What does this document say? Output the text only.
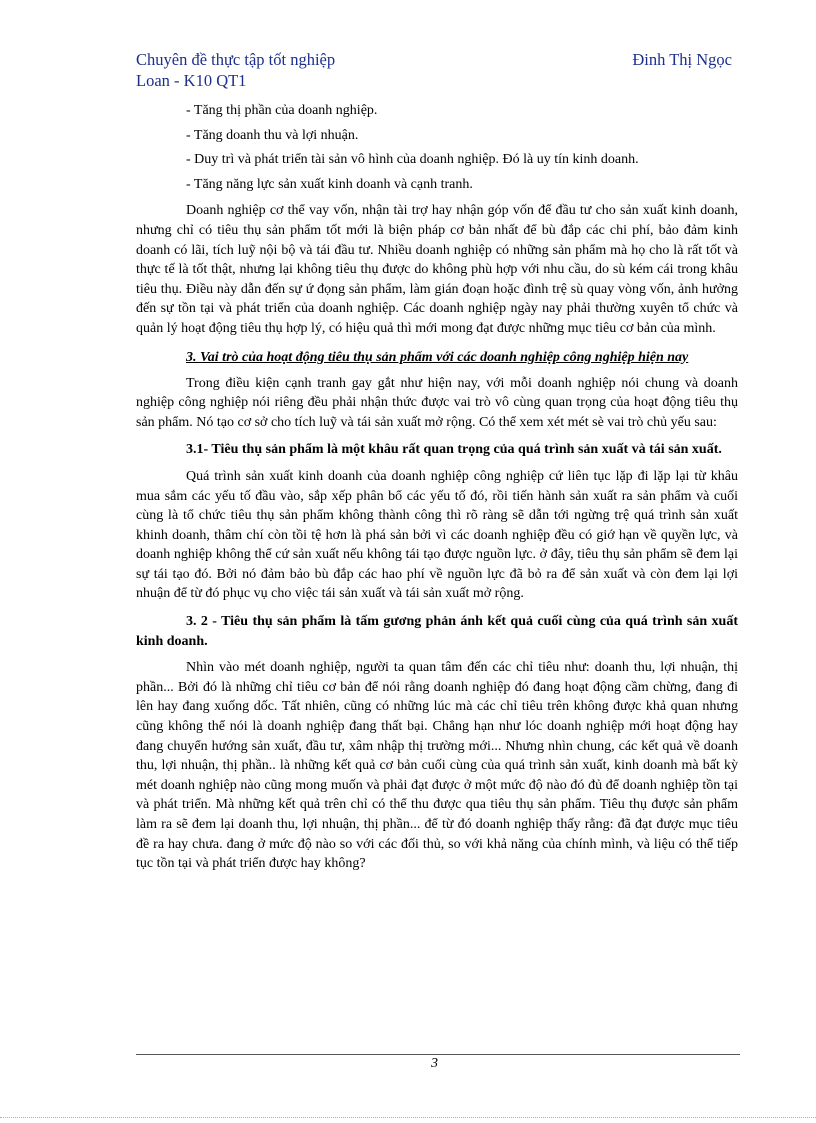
Chuyên đề thực tập tốt nghiệp	Đinh Thị Ngọc
Loan - K10 QT1

- Tăng thị phần của doanh nghiệp.

- Tăng doanh thu và lợi nhuận.

- Duy trì và phát triển tài sản vô hình của doanh nghiệp. Đó là uy tín kinh doanh.

- Tăng năng lực sản xuất kinh doanh và cạnh tranh.

Doanh nghiệp cơ thể vay vốn, nhận tài trợ hay nhận góp vốn để đầu tư cho sản xuất kinh doanh, nhưng chỉ có tiêu thụ sản phẩm tốt mới là biện pháp cơ bản nhất để bù đắp các chi phí, bảo đảm kinh doanh có lãi, tích luỹ nội bộ và tái đầu tư. Nhiều doanh nghiệp có những sản phẩm mà họ cho là rất tốt và thực tế là tốt thật, nhưng lại không tiêu thụ được do không phù hợp với nhu cầu, do sù kém cái trong khâu tiêu thụ. Điều này dẫn đến sự ứ đọng sản phẩm, làm gián đoạn hoặc đình trệ sù quay vòng vốn, ảnh hưởng đến sự tồn tại và phát triển của doanh nghiệp. Các doanh nghiệp ngày nay phải thường xuyên tổ chức và quản lý hoạt động tiêu thụ hợp lý, có hiệu quả thì mới mong đạt được những mục tiêu cơ bản của mình.

3. Vai trò của hoạt động tiêu thụ sản phẩm với các doanh nghiệp công nghiệp hiện nay

Trong điều kiện cạnh tranh gay gắt như hiện nay, với mỗi doanh nghiệp nói chung và doanh nghiệp công nghiệp nói riêng đều phải nhận thức được vai trò vô cùng quan trọng của hoạt động tiêu thụ sản phẩm. Nó tạo cơ sở cho tích luỹ và tái sản xuất mở rộng. Có thể xem xét mét sè vai trò chủ yếu sau:

3.1- Tiêu thụ sản phẩm là một khâu rất quan trọng của quá trình sản xuất và tái sản xuất.

Quá trình sản xuất kinh doanh của doanh nghiệp công nghiệp cứ liên tục lặp đi lặp lại từ khâu mua sắm các yếu tố đầu vào, sắp xếp phân bổ các yếu tố đó, rồi tiến hành sản xuất ra sản phẩm và cuối cùng là tổ chức tiêu thụ sản phẩm không thành công thì rõ ràng sẽ dẫn tới ngừng trệ quá trình sản xuất khinh doanh, thâm chí còn tồi tệ hơn là phá sản bởi vì các doanh nghiệp đều có giớ hạn về quyền lực, và doanh nghiệp không thể cứ sản xuất nếu không tái tạo được nguồn lực. ở đây, tiêu thụ sản phẩm sẽ đem lại sự tái tạo đó. Bởi nó đảm bảo bù đắp các hao phí về nguồn lực đã bỏ ra để sản xuất và còn đem lại lợi nhuận để từ đó phục vụ cho việc tái sản xuất và tái sản xuất mở rộng.

3. 2 - Tiêu thụ sản phẩm là tấm gương phản ánh kết quả cuối cùng của quá trình sản xuất kinh doanh.

Nhìn vào mét doanh nghiệp, người ta quan tâm đến các chỉ tiêu như: doanh thu, lợi nhuận, thị phần... Bởi đó là những chỉ tiêu cơ bản để nói rằng doanh nghiệp đó đang hoạt động cầm chừng, đang đi lên hay đang xuống dốc. Tất nhiên, cũng có những lúc mà các chỉ tiêu trên không được khả quan nhưng cũng không thể nói là doanh nghiệp đang thất bại. Chẳng hạn như lóc doanh nghiệp mới hoạt động hay đang chuyển hướng sản xuất, đầu tư, xâm nhập thị trường mới... Nhưng nhìn chung, các kết quả về doanh thu, lợi nhuận, thị phần.. là những kết quả cơ bản cuối cùng của quá trình sản xuất, kinh doanh mà bất kỳ mét doanh nghiệp nào cũng mong muốn và phải đạt được ở một mức độ nào đó đủ để doanh nghiệp tồn tại và phát triển. Mà những kết quả trên chỉ có thể thu được qua tiêu thụ sản phẩm. Tiêu thụ được sản phẩm làm ra sẽ đem lại doanh thu, lợi nhuận, thị phần... để từ đó doanh nghiệp thấy rằng: đã đạt được mục tiêu đề ra hay chưa. đang ở mức độ nào so với các đối thủ, so với khả năng của chính mình, và liệu có thể tiếp tục tồn tại và phát triển được hay không?

3
